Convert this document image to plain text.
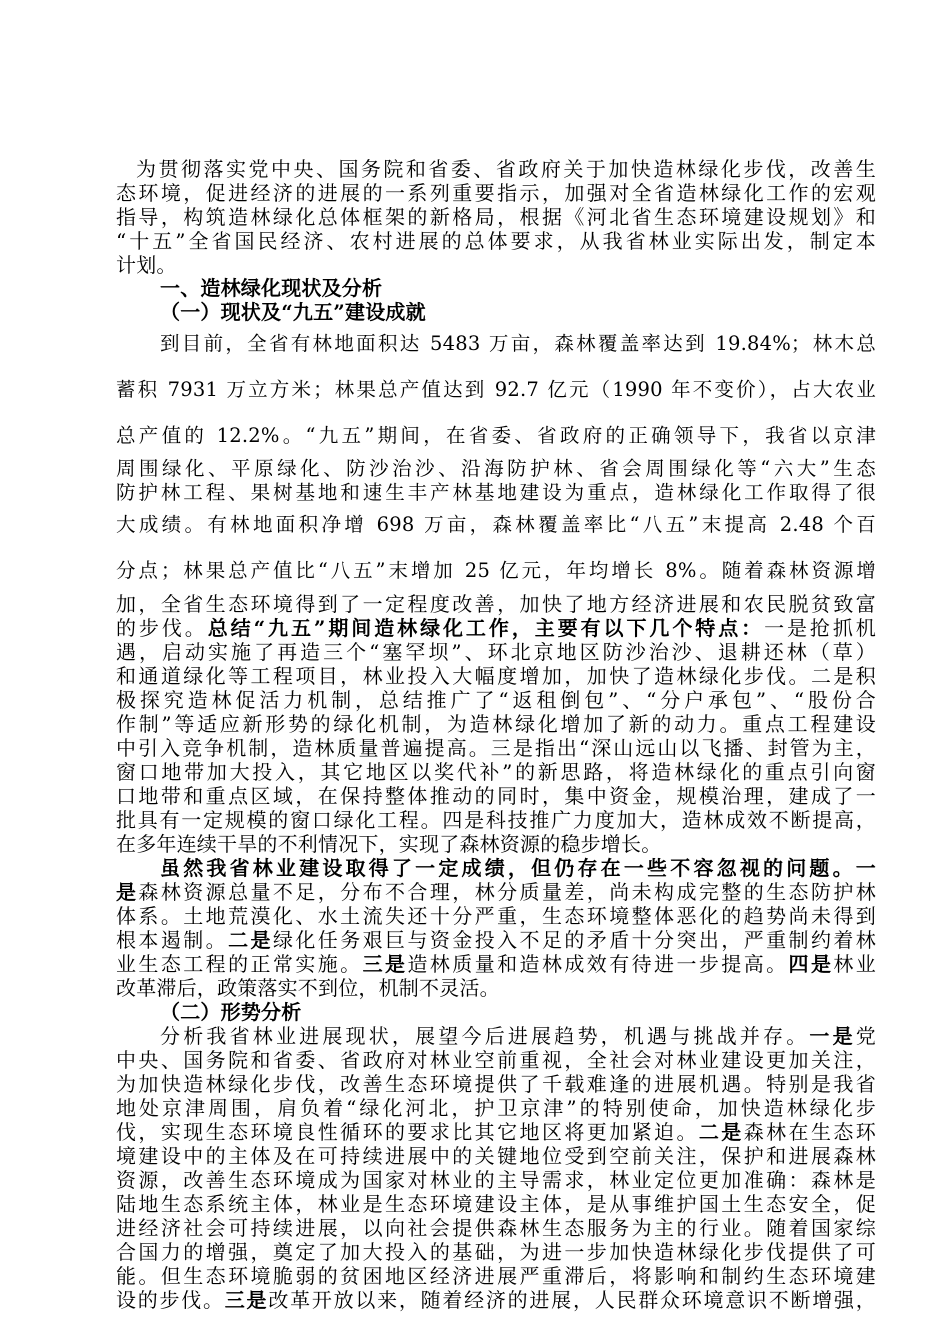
为贯彻落实党中央、国务院和省委、省政府关于加快造林绿化步伐，改善生
态环境，促进经济的进展的一系列重要指示，加强对全省造林绿化工作的宏观
指导，构筑造林绿化总体框架的新格局，根据《河北省生态环境建设规划》和
“十五”全省国民经济、农村进展的总体要求，从我省林业实际出发，制定本
计划。
一、造林绿化现状及分析
（一）现状及“九五”建设成就
到目前，全省有林地面积达 5483 万亩，森林覆盖率达到 19.84%；林木总
蓄积 7931 万立方米；林果总产值达到 92.7 亿元（1990 年不变价），占大农业
总产值的 12.2%。“九五”期间，在省委、省政府的正确领导下，我省以京津
周围绿化、平原绿化、防沙治沙、沿海防护林、省会周围绿化等“六大”生态
防护林工程、果树基地和速生丰产林基地建设为重点，造林绿化工作取得了很
大成绩。有林地面积净增 698 万亩，森林覆盖率比“八五”末提高 2.48 个百
分点；林果总产值比“八五”末增加 25 亿元，年均增长 8%。随着森林资源增
加，全省生态环境得到了一定程度改善，加快了地方经济进展和农民脱贫致富
的步伐。总结“九五”期间造林绿化工作，主要有以下几个特点：一是抢抓机
遇，启动实施了再造三个“塞罕坝”、环北京地区防沙治沙、退耕还林（草）
和通道绿化等工程项目，林业投入大幅度增加，加快了造林绿化步伐。二是积
极探究造林促活力机制，总结推广了“返租倒包”、“分户承包”、“股份合
作制”等适应新形势的绿化机制，为造林绿化增加了新的动力。重点工程建设
中引入竞争机制，造林质量普遍提高。三是指出“深山远山以飞播、封管为主，
窗口地带加大投入，其它地区以奖代补”的新思路，将造林绿化的重点引向窗
口地带和重点区域，在保持整体推动的同时，集中资金，规模治理，建成了一
批具有一定规模的窗口绿化工程。四是科技推广力度加大，造林成效不断提高，
在多年连续干旱的不利情况下，实现了森林资源的稳步增长。
虽然我省林业建设取得了一定成绩，但仍存在一些不容忽视的问题。一
是森林资源总量不足，分布不合理，林分质量差，尚未构成完整的生态防护林
体系。土地荒漠化、水土流失还十分严重，生态环境整体恶化的趋势尚未得到
根本遏制。二是绿化任务艰巨与资金投入不足的矛盾十分突出，严重制约着林
业生态工程的正常实施。三是造林质量和造林成效有待进一步提高。四是林业
改革滞后，政策落实不到位，机制不灵活。
（二）形势分析
分析我省林业进展现状，展望今后进展趋势，机遇与挑战并存。一是党
中央、国务院和省委、省政府对林业空前重视，全社会对林业建设更加关注，
为加快造林绿化步伐，改善生态环境提供了千载难逢的进展机遇。特别是我省
地处京津周围，肩负着“绿化河北，护卫京津”的特别使命，加快造林绿化步
伐，实现生态环境良性循环的要求比其它地区将更加紧迫。二是森林在生态环
境建设中的主体及在可持续进展中的关键地位受到空前关注，保护和进展森林
资源，改善生态环境成为国家对林业的主导需求，林业定位更加准确：森林是
陆地生态系统主体，林业是生态环境建设主体，是从事维护国土生态安全，促
进经济社会可持续进展，以向社会提供森林生态服务为主的行业。随着国家综
合国力的增强，奠定了加大投入的基础，为进一步加快造林绿化步伐提供了可
能。但生态环境脆弱的贫困地区经济进展严重滞后，将影响和制约生态环境建
设的步伐。三是改革开放以来，随着经济的进展，人民群众环境意识不断增强，
